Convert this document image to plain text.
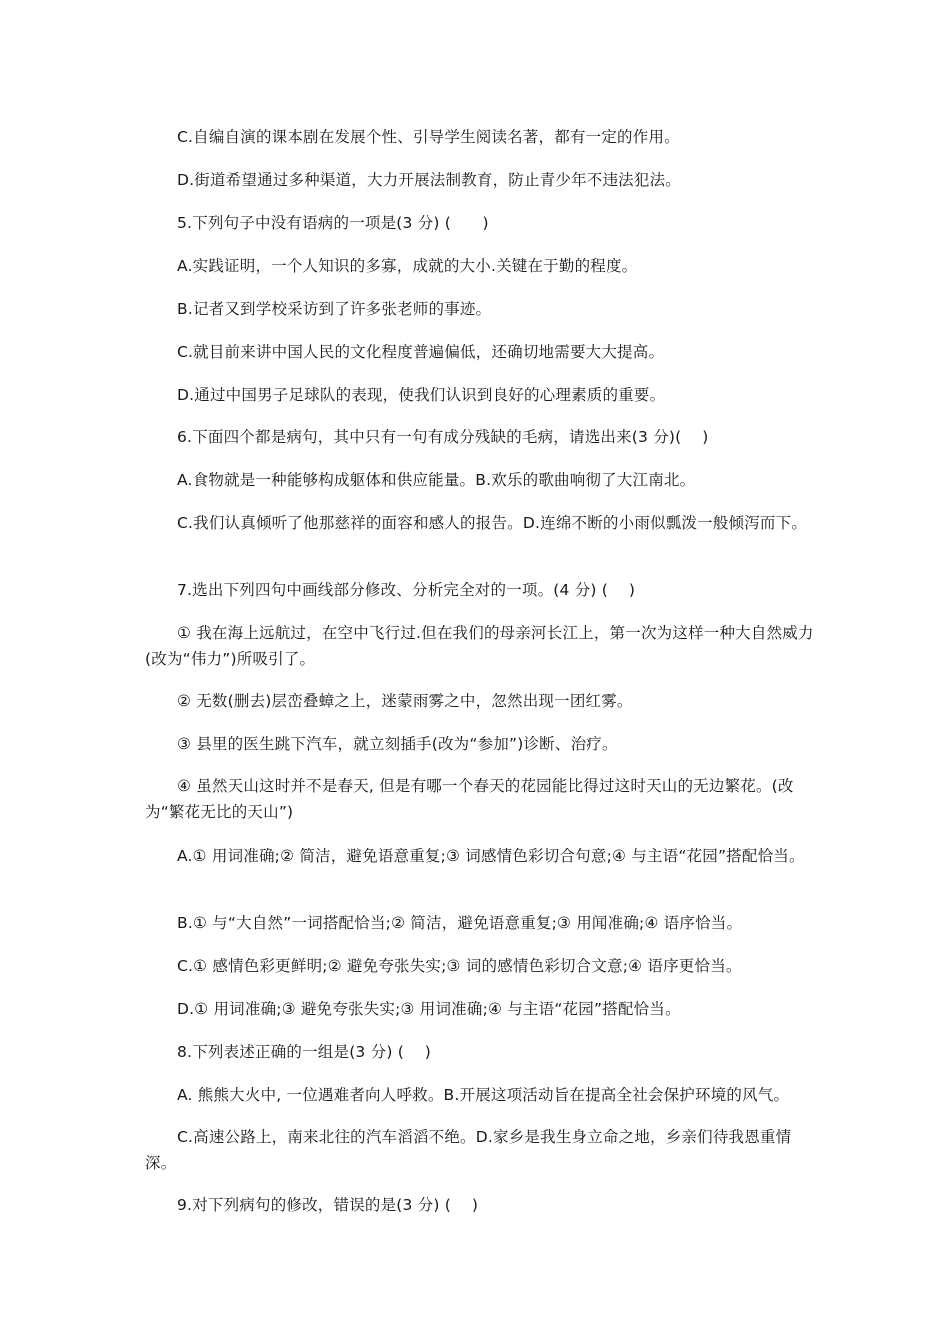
C.自编自演的课本剧在发展个性、引导学生阅读名著，都有一定的作用。
D.街道希望通过多种渠道，大力开展法制教育，防止青少年不违法犯法。
5.下列句子中没有语病的一项是(3 分) (　　)
A.实践证明，一个人知识的多寡，成就的大小.关键在于勤的程度。
B.记者又到学校采访到了许多张老师的事迹。
C.就目前来讲中国人民的文化程度普遍偏低，还确切地需要大大提高。
D.通过中国男子足球队的表现，使我们认识到良好的心理素质的重要。
6.下面四个都是病句，其中只有一句有成分残缺的毛病，请选出来(3 分)(　 )
A.食物就是一种能够构成躯体和供应能量。B.欢乐的歌曲响彻了大江南北。
C.我们认真倾听了他那慈祥的面容和感人的报告。D.连绵不断的小雨似瓢泼一般倾泻而下。
7.选出下列四句中画线部分修改、分析完全对的一项。(4 分) (　 )
① 我在海上远航过，在空中飞行过.但在我们的母亲河长江上，第一次为这样一种大自然威力(改为“伟力”)所吸引了。
② 无数(删去)层峦叠蟑之上，迷蒙雨雾之中，忽然出现一团红雾。
③ 县里的医生跳下汽车，就立刻插手(改为“参加”)诊断、治疗。
④ 虽然天山这时并不是春天, 但是有哪一个春天的花园能比得过这时天山的无边繁花。(改为“繁花无比的天山”)
A.① 用词准确;② 简洁，避免语意重复;③ 词感情色彩切合句意;④ 与主语“花园”搭配恰当。
B.① 与“大自然”一词搭配恰当;② 简洁，避免语意重复;③ 用闻准确;④ 语序恰当。
C.① 感情色彩更鲜明;② 避免夸张失实;③ 词的感情色彩切合文意;④ 语序更恰当。
D.① 用词准确;③ 避免夸张失实;③ 用词准确;④ 与主语“花园”搭配恰当。
8.下列表述正确的一组是(3 分) (　 )
A. 熊熊大火中, 一位遇难者向人呼救。B.开展这项活动旨在提高全社会保护环境的风气。
C.高速公路上，南来北往的汽车滔滔不绝。D.家乡是我生身立命之地，乡亲们待我恩重情深。
9.对下列病句的修改，错误的是(3 分) (　 )
